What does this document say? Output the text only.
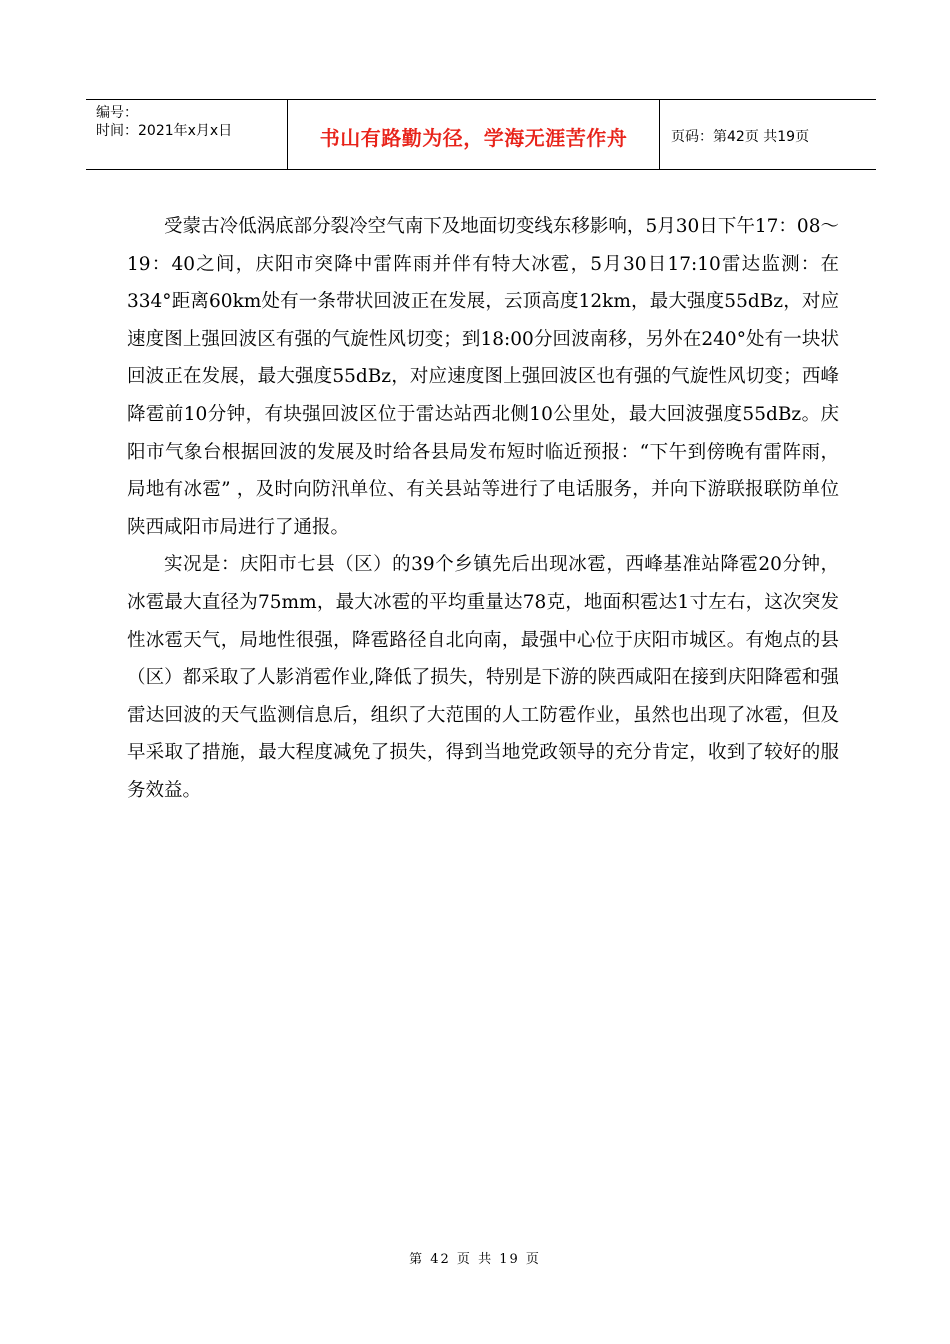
编号：
时间：2021年x月x日	书山有路勤为径，学海无涯苦作舟	页码：第42页 共19页

受蒙古冷低涡底部分裂冷空气南下及地面切变线东移影响，5月30日下午17：08～19：40之间，庆阳市突降中雷阵雨并伴有特大冰雹，5月30日17:10雷达监测：在334°距离60km处有一条带状回波正在发展，云顶高度12km，最大强度55dBz，对应速度图上强回波区有强的气旋性风切变；到18:00分回波南移，另外在240°处有一块状回波正在发展，最大强度55dBz，对应速度图上强回波区也有强的气旋性风切变；西峰降雹前10分钟，有块强回波区位于雷达站西北侧10公里处，最大回波强度55dBz。庆阳市气象台根据回波的发展及时给各县局发布短时临近预报：“下午到傍晚有雷阵雨，局地有冰雹” ，及时向防汛单位、有关县站等进行了电话服务，并向下游联报联防单位陕西咸阳市局进行了通报。

实况是：庆阳市七县（区）的39个乡镇先后出现冰雹，西峰基准站降雹20分钟，冰雹最大直径为75mm，最大冰雹的平均重量达78克，地面积雹达1寸左右，这次突发性冰雹天气，局地性很强，降雹路径自北向南，最强中心位于庆阳市城区。有炮点的县（区）都采取了人影消雹作业,降低了损失，特别是下游的陕西咸阳在接到庆阳降雹和强雷达回波的天气监测信息后，组织了大范围的人工防雹作业，虽然也出现了冰雹，但及早采取了措施，最大程度减免了损失，得到当地党政领导的充分肯定，收到了较好的服务效益。

第 42 页 共 19 页
